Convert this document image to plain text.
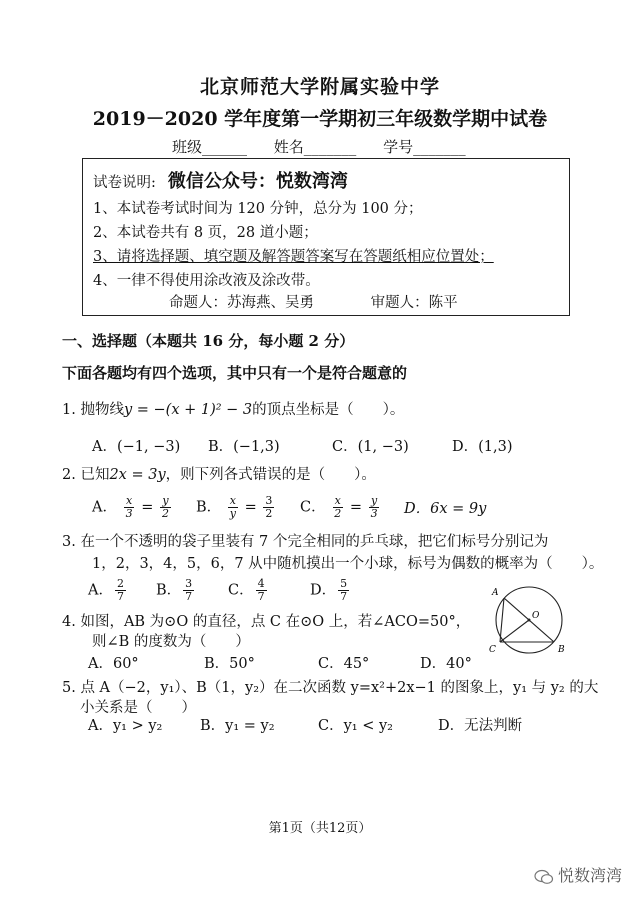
北京师范大学附属实验中学
2019－2020 学年度第一学期初三年级数学期中试卷
班级______ 姓名_______ 学号_______
试卷说明: 微信公众号：悦数湾湾
1、本试卷考试时间为 120 分钟，总分为 100 分；
2、本试卷共有 8 页，28 道小题；
3、请将选择题、填空题及解答题答案写在答题纸相应位置处；
4、一律不得使用涂改液及涂改带。
命题人：苏海燕、吴勇	审题人：陈平
一、选择题（本题共 16 分，每小题 2 分）
下面各题均有四个选项，其中只有一个是符合题意的
1. 抛物线y = −(x + 1)² − 3的顶点坐标是（　　）。
A．(−1, −3) B．(−1,3)	C．(1, −3)	D．(1,3)
2. 已知2x = 3y，则下列各式错误的是（　　）。
A． $\frac{x}{3} = \frac{y}{2}$ B． $\frac{x}{y} = \frac{3}{2}$ C． $\frac{x}{2} = \frac{y}{3}$ D．6x = 9y
3. 在一个不透明的袋子里装有 7 个完全相同的乒乓球，把它们标号分别记为
1，2，3，4，5，6，7 从中随机摸出一个小球，标号为偶数的概率为（　　）。
A． $\frac{2}{7}$ B． $\frac{3}{7}$ C． $\frac{4}{7}$	D． $\frac{5}{7}$
4. 如图，AB 为⊙O 的直径，点 C 在⊙O 上，若∠ACO=50°，
则∠B 的度数为（　　）
A．60°	B．50°	C．45°	D．40°
A
O
C	B
5. 点 A（−2，y₁）、B（1，y₂）在二次函数 y=x²+2x−1 的图象上，y₁ 与 y₂ 的大
小关系是（　　）
A．y₁ > y₂	B．y₁ = y₂	C．y₁ < y₂	D．无法判断
第1页（共12页）
悦数湾湾
